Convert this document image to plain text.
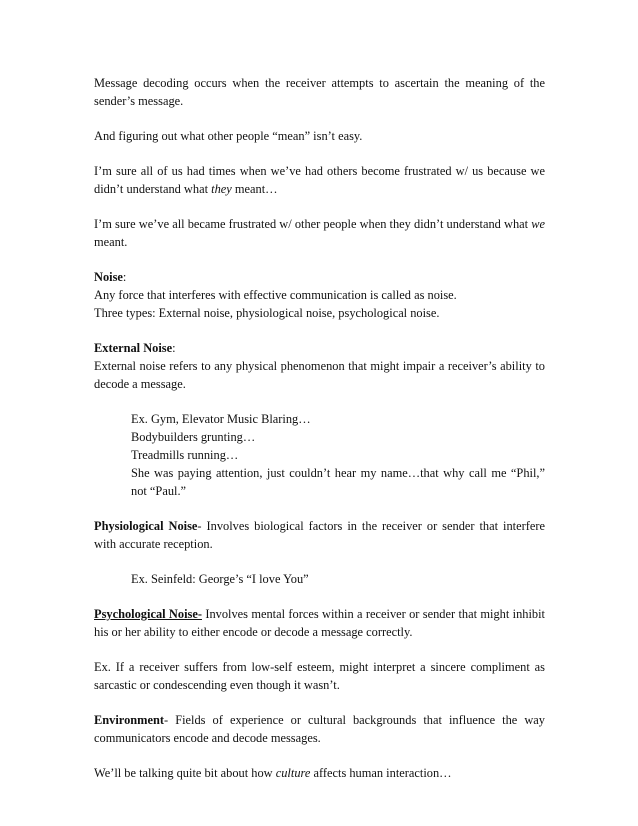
Message decoding occurs when the receiver attempts to ascertain the meaning of the sender’s message.

And figuring out what other people “mean” isn’t easy.

I’m sure all of us had times when we’ve had others become frustrated w/ us because we didn’t understand what they meant…

I’m sure we’ve all became frustrated w/ other people when they didn’t understand what we meant.

Noise:
Any force that interferes with effective communication is called as noise.
Three types: External noise, physiological noise, psychological noise.
External Noise:
External noise refers to any physical phenomenon that might impair a receiver’s ability to decode a message.
Ex. Gym, Elevator Music Blaring…
Bodybuilders grunting…
Treadmills running…
She was paying attention, just couldn’t hear my name…that why call me “Phil,” not “Paul.”

Physiological Noise- Involves biological factors in the receiver or sender that interfere with accurate reception.

Ex. Seinfeld: George’s “I love You”

Psychological Noise- Involves mental forces within a receiver or sender that might inhibit his or her ability to either encode or decode a message correctly.

Ex. If a receiver suffers from low-self esteem, might interpret a sincere compliment as sarcastic or condescending even though it wasn’t.

Environment- Fields of experience or cultural backgrounds that influence the way communicators encode and decode messages.

We’ll be talking quite bit about how culture affects human interaction…
